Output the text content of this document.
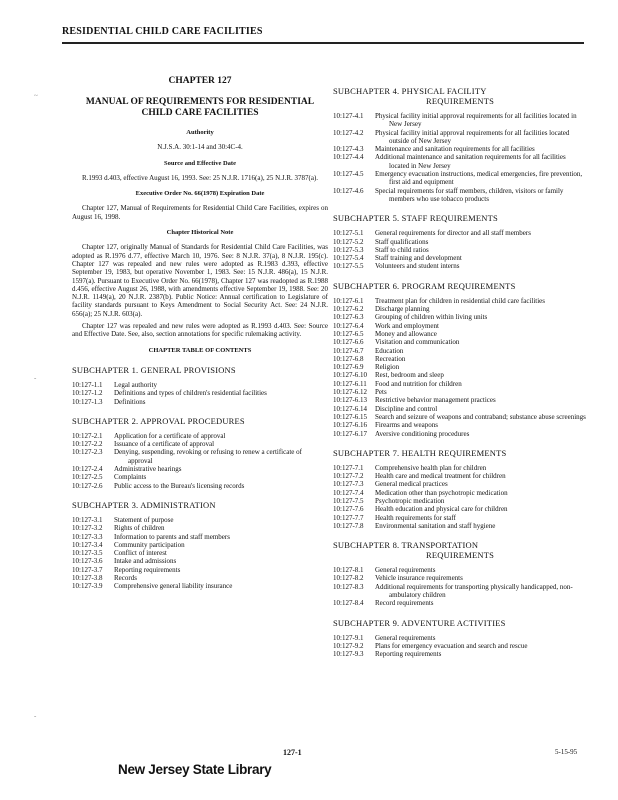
RESIDENTIAL CHILD CARE FACILITIES
~
-
-
CHAPTER 127
MANUAL OF REQUIREMENTS FOR RESIDENTIAL CHILD CARE FACILITIES
Authority
N.J.S.A. 30:1-14 and 30:4C-4.
Source and Effective Date
R.1993 d.403, effective August 16, 1993. See: 25 N.J.R. 1716(a), 25 N.J.R. 3787(a).
Executive Order No. 66(1978) Expiration Date
Chapter 127, Manual of Requirements for Residential Child Care Facilities, expires on August 16, 1998.
Chapter Historical Note
Chapter 127, originally Manual of Standards for Residential Child Care Facilities, was adopted as R.1976 d.77, effective March 10, 1976. See: 8 N.J.R. 37(a), 8 N.J.R. 195(c). Chapter 127 was repealed and new rules were adopted as R.1983 d.393, effective September 19, 1983, but operative November 1, 1983. See: 15 N.J.R. 486(a), 15 N.J.R. 1597(a). Pursuant to Executive Order No. 66(1978), Chapter 127 was readopted as R.1988 d.456, effective August 26, 1988, with amendments effective September 19, 1988. See: 20 N.J.R. 1149(a), 20 N.J.R. 2387(b). Public Notice: Annual certification to Legislature of facility standards pursuant to Keys Amendment to Social Security Act. See: 24 N.J.R. 656(a); 25 N.J.R. 603(a).
Chapter 127 was repealed and new rules were adopted as R.1993 d.403. See: Source and Effective Date. See, also, section annotations for specific rulemaking activity.
CHAPTER TABLE OF CONTENTS
SUBCHAPTER 1. GENERAL PROVISIONS
10:127-1.1	Legal authority
10:127-1.2	Definitions and types of children's residential facilities
10:127-1.3	Definitions
SUBCHAPTER 2. APPROVAL PROCEDURES
10:127-2.1	Application for a certificate of approval
10:127-2.2	Issuance of a certificate of approval
10:127-2.3	Denying, suspending, revoking or refusing to renew a certificate of approval
10:127-2.4	Administrative hearings
10:127-2.5	Complaints
10:127-2.6	Public access to the Bureau's licensing records
SUBCHAPTER 3. ADMINISTRATION
10:127-3.1	Statement of purpose
10:127-3.2	Rights of children
10:127-3.3	Information to parents and staff members
10:127-3.4	Community participation
10:127-3.5	Conflict of interest
10:127-3.6	Intake and admissions
10:127-3.7	Reporting requirements
10:127-3.8	Records
10:127-3.9	Comprehensive general liability insurance
SUBCHAPTER 4. PHYSICAL FACILITY
REQUIREMENTS
10:127-4.1	Physical facility initial approval requirements for all facilities located in New Jersey
10:127-4.2	Physical facility initial approval requirements for all facilities located outside of New Jersey
10:127-4.3	Maintenance and sanitation requirements for all facilities
10:127-4.4	Additional maintenance and sanitation requirements for all facilities located in New Jersey
10:127-4.5	Emergency evacuation instructions, medical emergencies, fire prevention, first aid and equipment
10:127-4.6	Special requirements for staff members, children, visitors or family members who use tobacco products
SUBCHAPTER 5. STAFF REQUIREMENTS
10:127-5.1	General requirements for director and all staff members
10:127-5.2	Staff qualifications
10:127-5.3	Staff to child ratios
10:127-5.4	Staff training and development
10:127-5.5	Volunteers and student interns
SUBCHAPTER 6. PROGRAM REQUIREMENTS
10:127-6.1	Treatment plan for children in residential child care facilities
10:127-6.2	Discharge planning
10:127-6.3	Grouping of children within living units
10:127-6.4	Work and employment
10:127-6.5	Money and allowance
10:127-6.6	Visitation and communication
10:127-6.7	Education
10:127-6.8	Recreation
10:127-6.9	Religion
10:127-6.10	Rest, bedroom and sleep
10:127-6.11	Food and nutrition for children
10:127-6.12	Pets
10:127-6.13	Restrictive behavior management practices
10:127-6.14	Discipline and control
10:127-6.15	Search and seizure of weapons and contraband; substance abuse screenings
10:127-6.16	Firearms and weapons
10:127-6.17	Aversive conditioning procedures
SUBCHAPTER 7. HEALTH REQUIREMENTS
10:127-7.1	Comprehensive health plan for children
10:127-7.2	Health care and medical treatment for children
10:127-7.3	General medical practices
10:127-7.4	Medication other than psychotropic medication
10:127-7.5	Psychotropic medication
10:127-7.6	Health education and physical care for children
10:127-7.7	Health requirements for staff
10:127-7.8	Environmental sanitation and staff hygiene
SUBCHAPTER 8. TRANSPORTATION
REQUIREMENTS
10:127-8.1	General requirements
10:127-8.2	Vehicle insurance requirements
10:127-8.3	Additional requirements for transporting physically handicapped, non-ambulatory children
10:127-8.4	Record requirements
SUBCHAPTER 9. ADVENTURE ACTIVITIES
10:127-9.1	General requirements
10:127-9.2	Plans for emergency evacuation and search and rescue
10:127-9.3	Reporting requirements
127-1	5-15-95
New Jersey State Library
